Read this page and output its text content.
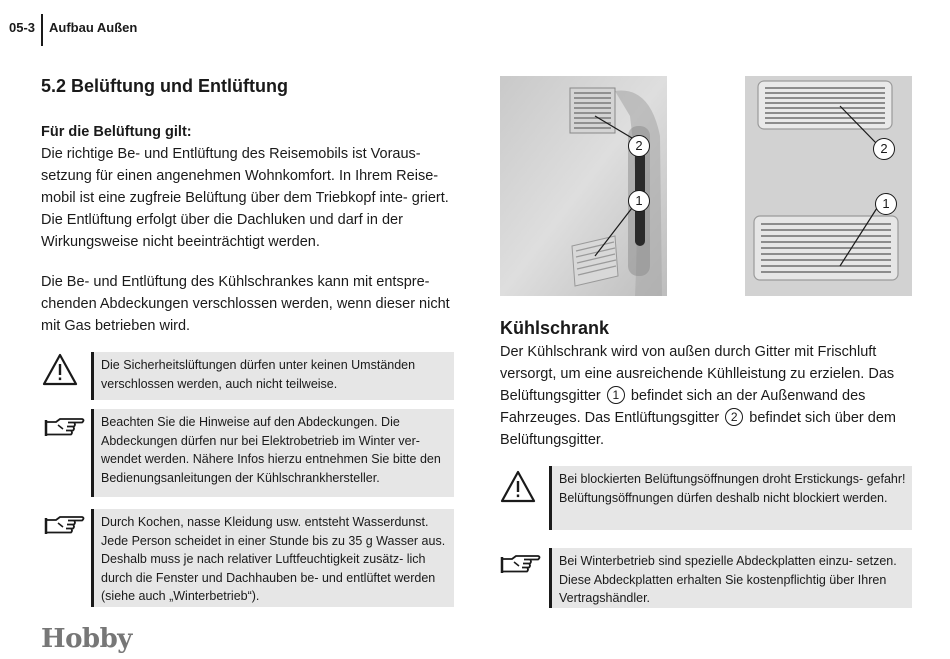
05-3 Aufbau Außen
5.2 Belüftung und Entlüftung
Für die Belüftung gilt:

Die richtige Be- und Entlüftung des Reisemobils ist Voraus- setzung für einen angenehmen Wohnkomfort. In Ihrem Reise- mobil ist eine zugfreie Belüftung über dem Triebkopf inte- griert. Die Entlüftung erfolgt über die Dachluken und darf in der Wirkungsweise nicht beeinträchtigt werden.

Die Be- und Entlüftung des Kühlschrankes kann mit entspre- chenden Abdeckungen verschlossen werden, wenn dieser nicht mit Gas betrieben wird.

Die Sicherheitslüftungen dürfen unter keinen Umständen verschlossen werden, auch nicht teilweise.
Beachten Sie die Hinweise auf den Abdeckungen. Die Abdeckungen dürfen nur bei Elektrobetrieb im Winter ver- wendet werden. Nähere Infos hierzu entnehmen Sie bitte den Bedienungsanleitungen der Kühlschrankhersteller.
Durch Kochen, nasse Kleidung usw. entsteht Wasserdunst. Jede Person scheidet in einer Stunde bis zu 35 g Wasser aus. Deshalb muss je nach relativer Luftfeuchtigkeit zusätz- lich durch die Fenster und Dachhauben be- und entlüftet werden (siehe auch „Winterbetrieb“).
2
1
2
1
Kühlschrank

Der Kühlschrank wird von außen durch Gitter mit Frischluft versorgt, um eine ausreichende Kühlleistung zu erzielen. Das Belüftungsgitter 1 befindet sich an der Außenwand des Fahrzeuges. Das Entlüftungsgitter 2 befindet sich über dem Belüftungsgitter.

Bei blockierten Belüftungsöffnungen droht Erstickungs- gefahr! Belüftungsöffnungen dürfen deshalb nicht blockiert werden.
Bei Winterbetrieb sind spezielle Abdeckplatten einzu- setzen. Diese Abdeckplatten erhalten Sie kostenpflichtig über Ihren Vertragshändler.
Hobby
